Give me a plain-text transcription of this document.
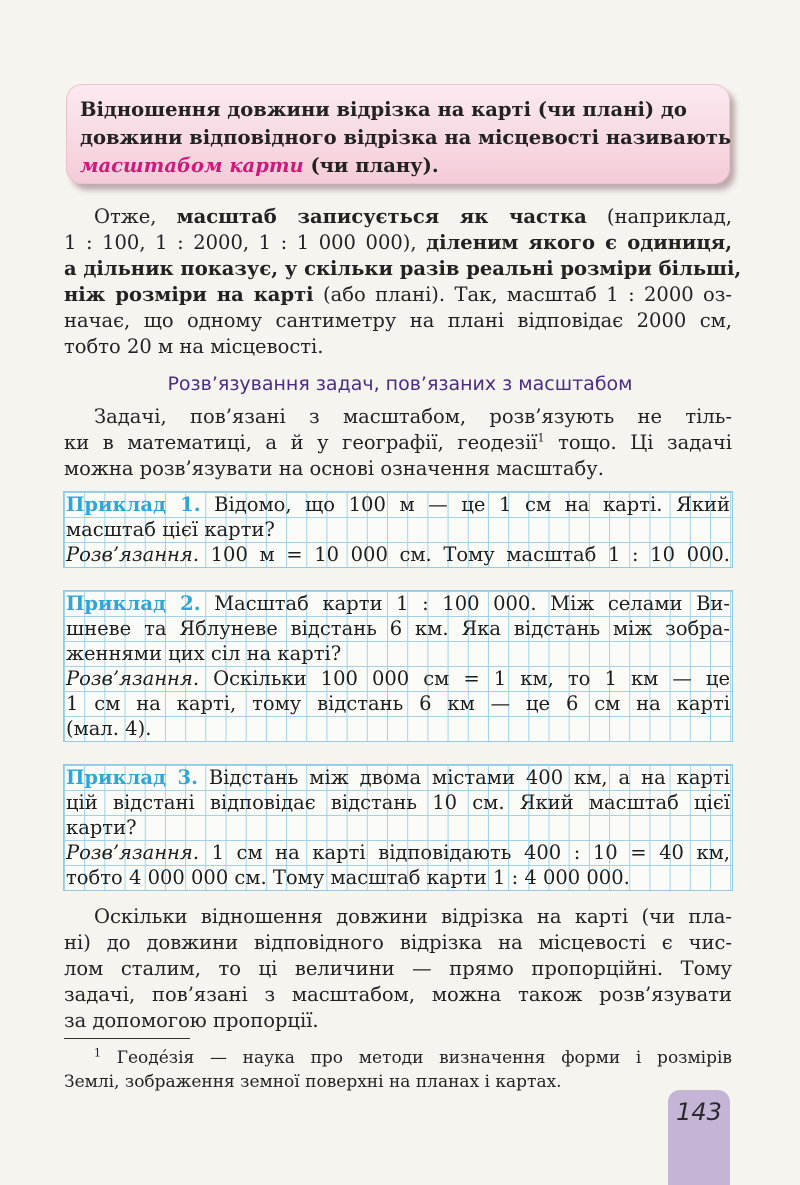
Відношення довжини відрізка на карті (чи плані) до
довжини відповідного відрізка на місцевості називають
масштабом карти (чи плану).
Отже, масштаб записується як частка (наприклад,
1 : 100, 1 : 2000, 1 : 1 000 000), діленим якого є одиниця,
а дільник показує, у скільки разів реальні розміри більші,
ніж розміри на карті (або плані). Так, масштаб 1 : 2000 оз-
начає, що одному сантиметру на плані відповідає 2000 см,
тобто 20 м на місцевості.
Розв’язування задач, пов’язаних з масштабом
Задачі, пов’язані з масштабом, розв’язують не тіль-
ки в математиці, а й у географії, геодезії$^1$ тощо. Ці задачі
можна розв’язувати на основі означення масштабу.
Приклад 1. Відомо, що 100 м — це 1 см на карті. Який
масштаб цієї карти?
Розв’язання. 100 м = 10 000 см. Тому масштаб 1 : 10 000.
Приклад 2. Масштаб карти 1 : 100 000. Між селами Ви-
шневе та Яблуневе відстань 6 км. Яка відстань між зобра-
женнями цих сіл на карті?
Розв’язання. Оскільки 100 000 см = 1 км, то 1 км — це
1 см на карті, тому відстань 6 км — це 6 см на карті
(мал. 4).
Приклад 3. Відстань між двома містами 400 км, а на карті
цій відстані відповідає відстань 10 см. Який масштаб цієї
карти?
Розв’язання. 1 см на карті відповідають 400 : 10 = 40 км,
тобто 4 000 000 см. Тому масштаб карти 1 : 4 000 000.
Оскільки відношення довжини відрізка на карті (чи пла-
ні) до довжини відповідного відрізка на місцевості є чис-
лом сталим, то ці величини — прямо пропорційні. Тому
задачі, пов’язані з масштабом, можна також розв’язувати
за допомогою пропорції.
$^1$ Геодéзія — наука про методи визначення форми і розмірів
Землі, зображення земної поверхні на планах і картах.
143
